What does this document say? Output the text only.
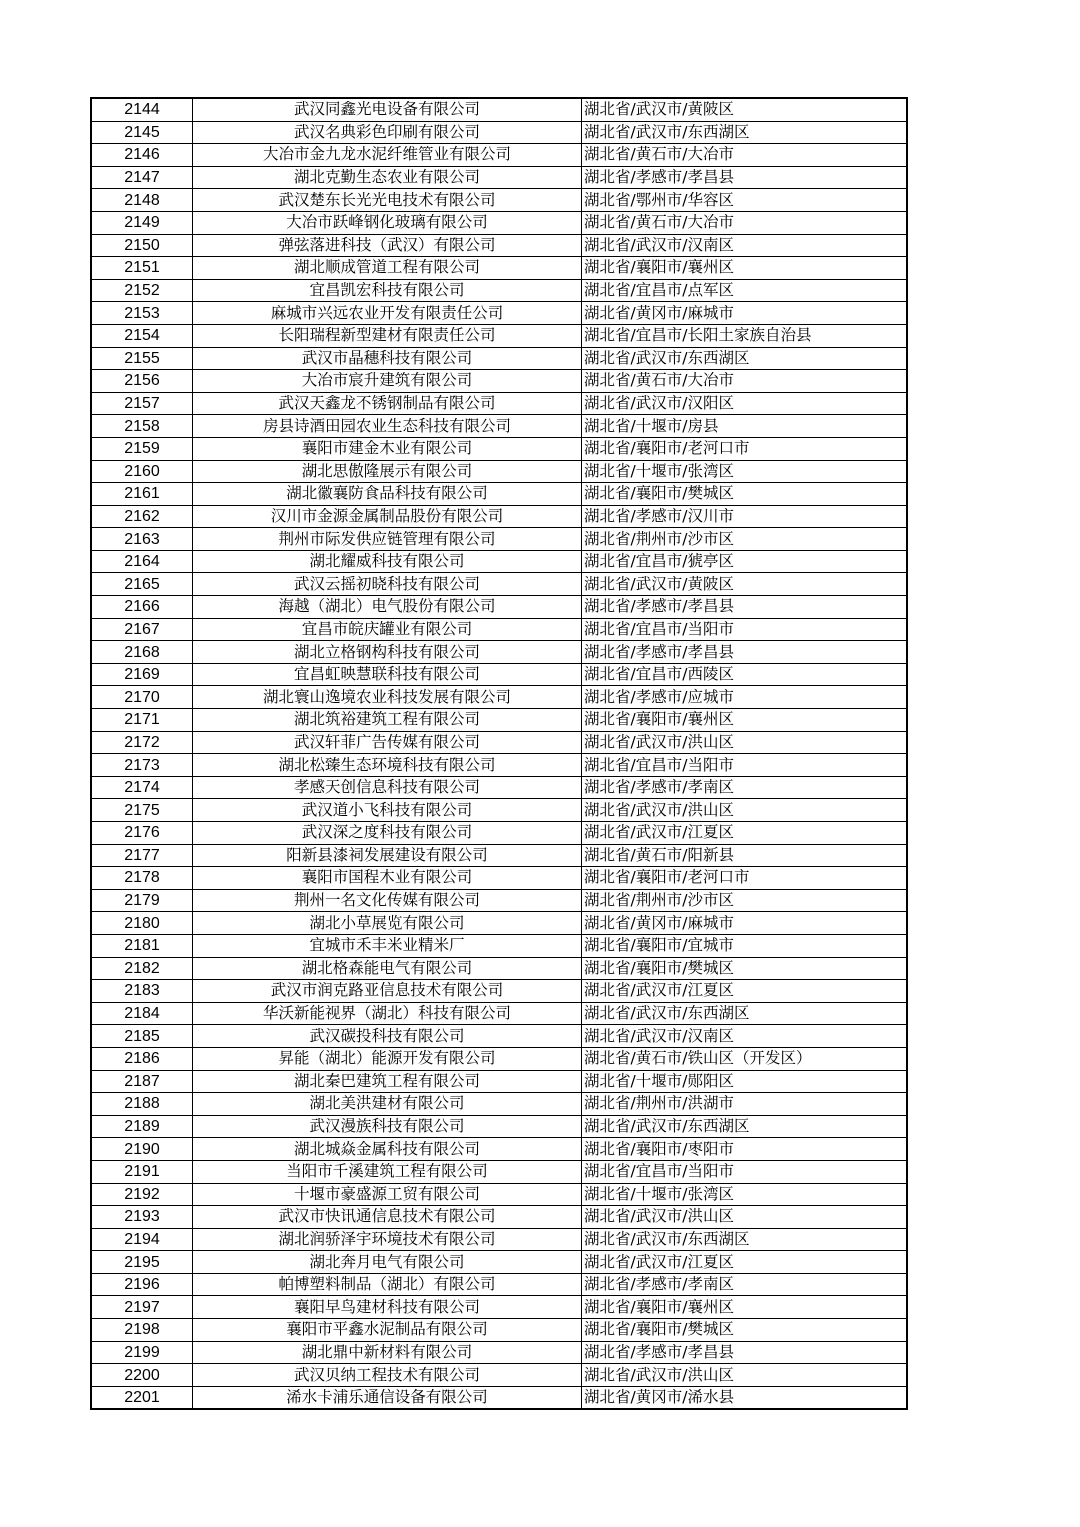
2144	武汉同鑫光电设备有限公司	湖北省/武汉市/黄陂区
2145	武汉名典彩色印刷有限公司	湖北省/武汉市/东西湖区
2146	大冶市金九龙水泥纤维管业有限公司	湖北省/黄石市/大冶市
2147	湖北克勤生态农业有限公司	湖北省/孝感市/孝昌县
2148	武汉楚东长光光电技术有限公司	湖北省/鄂州市/华容区
2149	大冶市跃峰钢化玻璃有限公司	湖北省/黄石市/大冶市
2150	弹弦落进科技（武汉）有限公司	湖北省/武汉市/汉南区
2151	湖北顺成管道工程有限公司	湖北省/襄阳市/襄州区
2152	宜昌凯宏科技有限公司	湖北省/宜昌市/点军区
2153	麻城市兴远农业开发有限责任公司	湖北省/黄冈市/麻城市
2154	长阳瑞程新型建材有限责任公司	湖北省/宜昌市/长阳土家族自治县
2155	武汉市晶穗科技有限公司	湖北省/武汉市/东西湖区
2156	大冶市宸升建筑有限公司	湖北省/黄石市/大冶市
2157	武汉天鑫龙不锈钢制品有限公司	湖北省/武汉市/汉阳区
2158	房县诗酒田园农业生态科技有限公司	湖北省/十堰市/房县
2159	襄阳市建金木业有限公司	湖北省/襄阳市/老河口市
2160	湖北思傲隆展示有限公司	湖北省/十堰市/张湾区
2161	湖北徽襄防食品科技有限公司	湖北省/襄阳市/樊城区
2162	汉川市金源金属制品股份有限公司	湖北省/孝感市/汉川市
2163	荆州市际发供应链管理有限公司	湖北省/荆州市/沙市区
2164	湖北耀威科技有限公司	湖北省/宜昌市/猇亭区
2165	武汉云摇初晓科技有限公司	湖北省/武汉市/黄陂区
2166	海越（湖北）电气股份有限公司	湖北省/孝感市/孝昌县
2167	宜昌市皖庆罐业有限公司	湖北省/宜昌市/当阳市
2168	湖北立格钢构科技有限公司	湖北省/孝感市/孝昌县
2169	宜昌虹映慧联科技有限公司	湖北省/宜昌市/西陵区
2170	湖北寰山逸境农业科技发展有限公司	湖北省/孝感市/应城市
2171	湖北筑裕建筑工程有限公司	湖北省/襄阳市/襄州区
2172	武汉轩菲广告传媒有限公司	湖北省/武汉市/洪山区
2173	湖北松臻生态环境科技有限公司	湖北省/宜昌市/当阳市
2174	孝感天创信息科技有限公司	湖北省/孝感市/孝南区
2175	武汉道小飞科技有限公司	湖北省/武汉市/洪山区
2176	武汉深之度科技有限公司	湖北省/武汉市/江夏区
2177	阳新县漆祠发展建设有限公司	湖北省/黄石市/阳新县
2178	襄阳市国程木业有限公司	湖北省/襄阳市/老河口市
2179	荆州一名文化传媒有限公司	湖北省/荆州市/沙市区
2180	湖北小草展览有限公司	湖北省/黄冈市/麻城市
2181	宜城市禾丰米业精米厂	湖北省/襄阳市/宜城市
2182	湖北格森能电气有限公司	湖北省/襄阳市/樊城区
2183	武汉市润克路亚信息技术有限公司	湖北省/武汉市/江夏区
2184	华沃新能视界（湖北）科技有限公司	湖北省/武汉市/东西湖区
2185	武汉碳投科技有限公司	湖北省/武汉市/汉南区
2186	昇能（湖北）能源开发有限公司	湖北省/黄石市/铁山区（开发区）
2187	湖北秦巴建筑工程有限公司	湖北省/十堰市/郧阳区
2188	湖北美洪建材有限公司	湖北省/荆州市/洪湖市
2189	武汉漫族科技有限公司	湖北省/武汉市/东西湖区
2190	湖北城焱金属科技有限公司	湖北省/襄阳市/枣阳市
2191	当阳市千溪建筑工程有限公司	湖北省/宜昌市/当阳市
2192	十堰市豪盛源工贸有限公司	湖北省/十堰市/张湾区
2193	武汉市快讯通信息技术有限公司	湖北省/武汉市/洪山区
2194	湖北润骄泽宇环境技术有限公司	湖北省/武汉市/东西湖区
2195	湖北奔月电气有限公司	湖北省/武汉市/江夏区
2196	帕博塑料制品（湖北）有限公司	湖北省/孝感市/孝南区
2197	襄阳早鸟建材科技有限公司	湖北省/襄阳市/襄州区
2198	襄阳市平鑫水泥制品有限公司	湖北省/襄阳市/樊城区
2199	湖北鼎中新材料有限公司	湖北省/孝感市/孝昌县
2200	武汉贝纳工程技术有限公司	湖北省/武汉市/洪山区
2201	浠水卡浦乐通信设备有限公司	湖北省/黄冈市/浠水县
